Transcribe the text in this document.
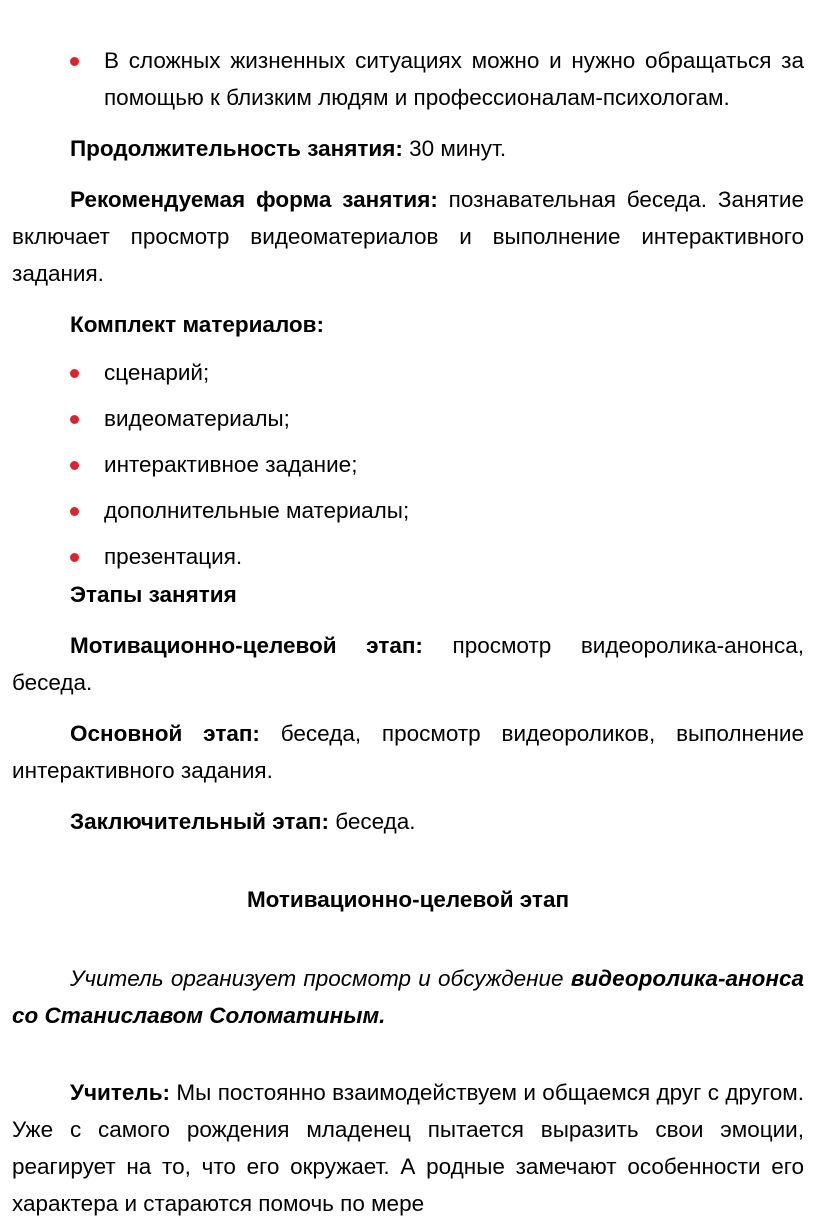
В сложных жизненных ситуациях можно и нужно обращаться за помощью к близким людям и профессионалам-психологам.

Продолжительность занятия: 30 минут.

Рекомендуемая форма занятия: познавательная беседа. Занятие включает просмотр видеоматериалов и выполнение интерактивного задания.

Комплект материалов:

сценарий;
видеоматериалы;
интерактивное задание;
дополнительные материалы;
презентация.

Этапы занятия

Мотивационно-целевой этап: просмотр видеоролика-анонса, беседа.

Основной этап: беседа, просмотр видеороликов, выполнение интерактивного задания.

Заключительный этап: беседа.

Мотивационно-целевой этап

Учитель организует просмотр и обсуждение видеоролика-анонса со Станиславом Соломатиным.

Учитель: Мы постоянно взаимодействуем и общаемся друг с другом. Уже с самого рождения младенец пытается выразить свои эмоции, реагирует на то, что его окружает. А родные замечают особенности его характера и стараются помочь по мере
